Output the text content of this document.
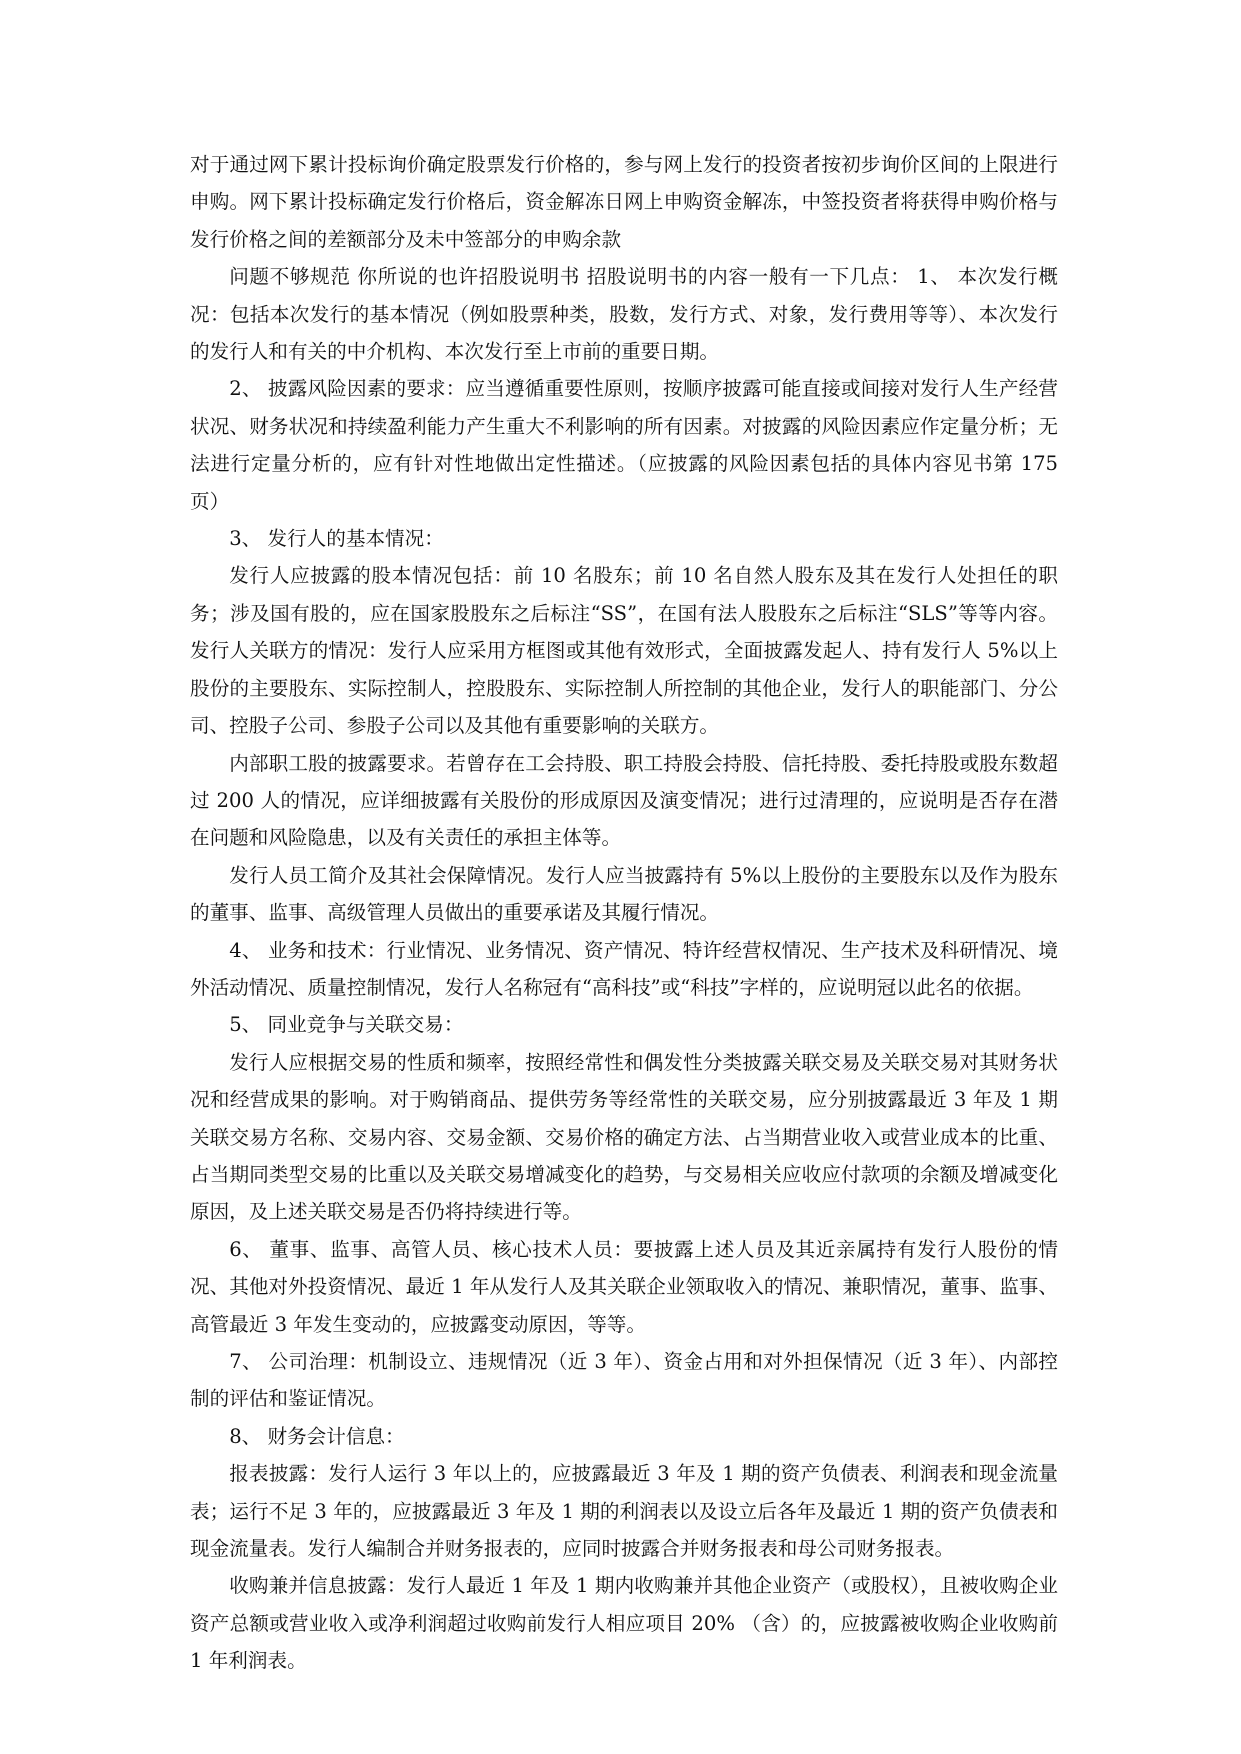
对于通过网下累计投标询价确定股票发行价格的，参与网上发行的投资者按初步询价区间的上限进行申购。网下累计投标确定发行价格后，资金解冻日网上申购资金解冻，中签投资者将获得申购价格与发行价格之间的差额部分及未中签部分的申购余款

问题不够规范 你所说的也许招股说明书 招股说明书的内容一般有一下几点： 1、 本次发行概况：包括本次发行的基本情况（例如股票种类，股数，发行方式、对象，发行费用等等）、本次发行的发行人和有关的中介机构、本次发行至上市前的重要日期。

2、 披露风险因素的要求：应当遵循重要性原则，按顺序披露可能直接或间接对发行人生产经营状况、财务状况和持续盈利能力产生重大不利影响的所有因素。对披露的风险因素应作定量分析；无法进行定量分析的，应有针对性地做出定性描述。（应披露的风险因素包括的具体内容见书第 175 页）

3、 发行人的基本情况：

发行人应披露的股本情况包括：前 10 名股东；前 10 名自然人股东及其在发行人处担任的职务；涉及国有股的，应在国家股股东之后标注“SS”，在国有法人股股东之后标注“SLS”等等内容。发行人关联方的情况：发行人应采用方框图或其他有效形式，全面披露发起人、持有发行人 5%以上股份的主要股东、实际控制人，控股股东、实际控制人所控制的其他企业，发行人的职能部门、分公司、控股子公司、参股子公司以及其他有重要影响的关联方。

内部职工股的披露要求。若曾存在工会持股、职工持股会持股、信托持股、委托持股或股东数超过 200 人的情况，应详细披露有关股份的形成原因及演变情况；进行过清理的，应说明是否存在潜在问题和风险隐患，以及有关责任的承担主体等。

发行人员工简介及其社会保障情况。发行人应当披露持有 5%以上股份的主要股东以及作为股东的董事、监事、高级管理人员做出的重要承诺及其履行情况。

4、 业务和技术：行业情况、业务情况、资产情况、特许经营权情况、生产技术及科研情况、境外活动情况、质量控制情况，发行人名称冠有“高科技”或“科技”字样的，应说明冠以此名的依据。

5、 同业竞争与关联交易：

发行人应根据交易的性质和频率，按照经常性和偶发性分类披露关联交易及关联交易对其财务状况和经营成果的影响。对于购销商品、提供劳务等经常性的关联交易，应分别披露最近 3 年及 1 期关联交易方名称、交易内容、交易金额、交易价格的确定方法、占当期营业收入或营业成本的比重、占当期同类型交易的比重以及关联交易增减变化的趋势，与交易相关应收应付款项的余额及增减变化原因，及上述关联交易是否仍将持续进行等。

6、 董事、监事、高管人员、核心技术人员：要披露上述人员及其近亲属持有发行人股份的情况、其他对外投资情况、最近 1 年从发行人及其关联企业领取收入的情况、兼职情况，董事、监事、高管最近 3 年发生变动的，应披露变动原因，等等。

7、 公司治理：机制设立、违规情况（近 3 年）、资金占用和对外担保情况（近 3 年）、内部控制的评估和鉴证情况。

8、 财务会计信息：

报表披露：发行人运行 3 年以上的，应披露最近 3 年及 1 期的资产负债表、利润表和现金流量表；运行不足 3 年的，应披露最近 3 年及 1 期的利润表以及设立后各年及最近 1 期的资产负债表和现金流量表。发行人编制合并财务报表的，应同时披露合并财务报表和母公司财务报表。

收购兼并信息披露：发行人最近 1 年及 1 期内收购兼并其他企业资产（或股权），且被收购企业资产总额或营业收入或净利润超过收购前发行人相应项目 20% （含）的，应披露被收购企业收购前 1 年利润表。
